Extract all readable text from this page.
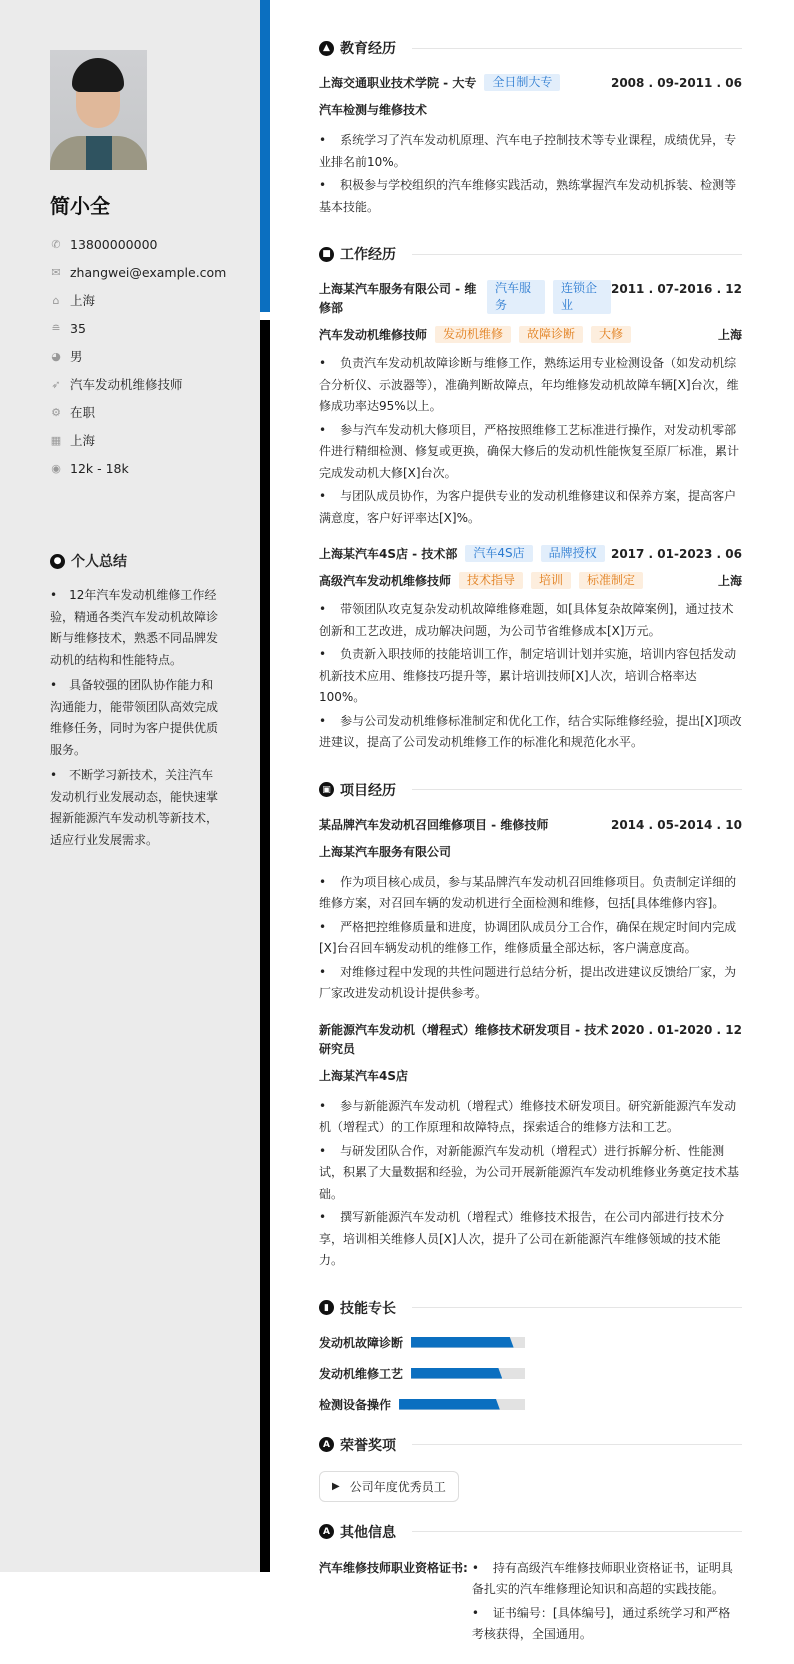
简小全
✆ 13800000000
✉ zhangwei@example.com
⌂ 上海
≘ 35
◕ 男
➶ 汽车发动机维修技师
⚙ 在职
▦ 上海
◉ 12k - 18k
● 个人总结
• 12年汽车发动机维修工作经验，精通各类汽车发动机故障诊断与维修技术，熟悉不同品牌发动机的结构和性能特点。
• 具备较强的团队协作能力和沟通能力，能带领团队高效完成维修任务，同时为客户提供优质服务。
• 不断学习新技术，关注汽车发动机行业发展动态，能快速掌握新能源汽车发动机等新技术，适应行业发展需求。
▲ 教育经历
上海交通职业技术学院 - 大专	全日制大专	2008 . 09-2011 . 06
汽车检测与维修技术
• 系统学习了汽车发动机原理、汽车电子控制技术等专业课程，成绩优异，专业排名前10%。
• 积极参与学校组织的汽车维修实践活动，熟练掌握汽车发动机拆装、检测等基本技能。
■ 工作经历
上海某汽车服务有限公司 - 维修部
汽车服务
连锁企业
2011 . 07-2016 . 12
汽车发动机维修技师	发动机维修	故障诊断	大修	上海
• 负责汽车发动机故障诊断与维修工作，熟练运用专业检测设备（如发动机综合分析仪、示波器等），准确判断故障点，年均维修发动机故障车辆[X]台次，维修成功率达95%以上。
• 参与汽车发动机大修项目，严格按照维修工艺标准进行操作，对发动机零部件进行精细检测、修复或更换，确保大修后的发动机性能恢复至原厂标准，累计完成发动机大修[X]台次。
• 与团队成员协作，为客户提供专业的发动机维修建议和保养方案，提高客户满意度，客户好评率达[X]%。
上海某汽车4S店 - 技术部	汽车4S店	品牌授权	2017 . 01-2023 . 06
高级汽车发动机维修技师	技术指导	培训	标准制定	上海
• 带领团队攻克复杂发动机故障维修难题，如[具体复杂故障案例]，通过技术创新和工艺改进，成功解决问题，为公司节省维修成本[X]万元。
• 负责新入职技师的技能培训工作，制定培训计划并实施，培训内容包括发动机新技术应用、维修技巧提升等，累计培训技师[X]人次，培训合格率达100%。
• 参与公司发动机维修标准制定和优化工作，结合实际维修经验，提出[X]项改进建议，提高了公司发动机维修工作的标准化和规范化水平。
▣ 项目经历
某品牌汽车发动机召回维修项目 - 维修技师	2014 . 05-2014 . 10
上海某汽车服务有限公司
• 作为项目核心成员，参与某品牌汽车发动机召回维修项目。负责制定详细的维修方案，对召回车辆的发动机进行全面检测和维修，包括[具体维修内容]。
• 严格把控维修质量和进度，协调团队成员分工合作，确保在规定时间内完成[X]台召回车辆发动机的维修工作，维修质量全部达标，客户满意度高。
• 对维修过程中发现的共性问题进行总结分析，提出改进建议反馈给厂家，为厂家改进发动机设计提供参考。
新能源汽车发动机（增程式）维修技术研发项目 - 技术研究员
2020 . 01-2020 . 12
上海某汽车4S店
• 参与新能源汽车发动机（增程式）维修技术研发项目。研究新能源汽车发动机（增程式）的工作原理和故障特点，探索适合的维修方法和工艺。
• 与研发团队合作，对新能源汽车发动机（增程式）进行拆解分析、性能测试，积累了大量数据和经验，为公司开展新能源汽车发动机维修业务奠定技术基础。
• 撰写新能源汽车发动机（增程式）维修技术报告，在公司内部进行技术分享，培训相关维修人员[X]人次，提升了公司在新能源汽车维修领域的技术能力。
▮ 技能专长
发动机故障诊断
发动机维修工艺
检测设备操作
A 荣誉奖项
▶ 公司年度优秀员工
A 其他信息
汽车维修技师职业资格证书:	• 持有高级汽车维修技师职业资格证书，证明具备扎实的汽车维修理论知识和高超的实践技能。
• 证书编号：[具体编号]，通过系统学习和严格考核获得，全国通用。
